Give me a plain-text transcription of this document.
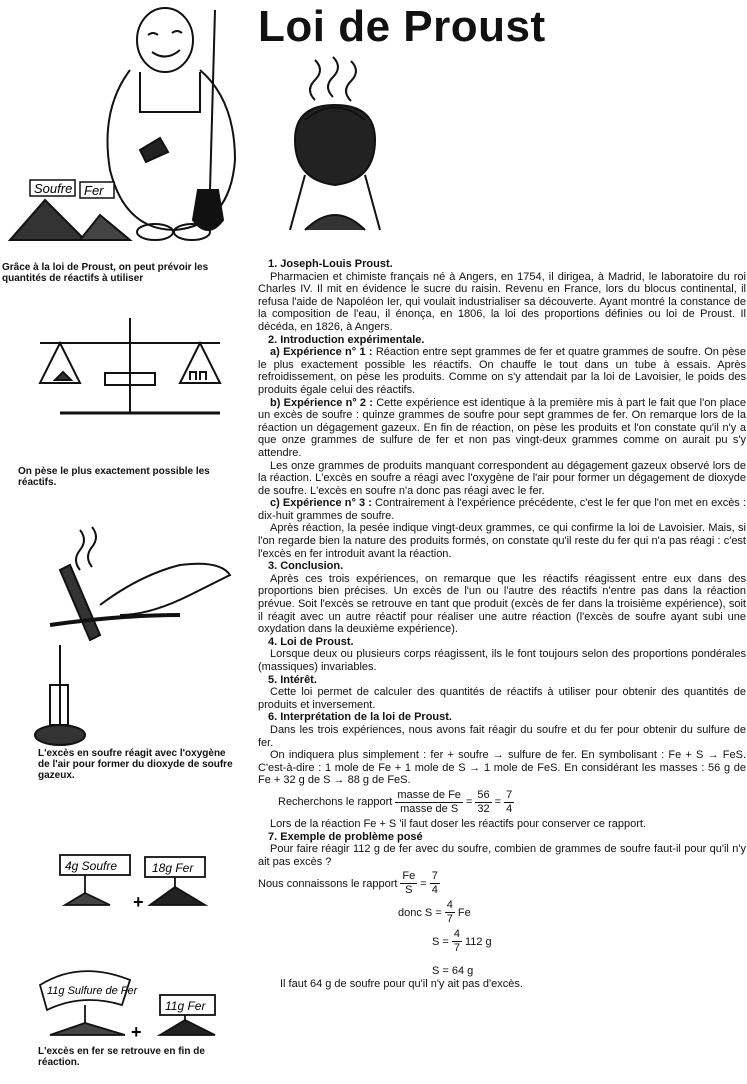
Loi de Proust
Soufre Fer
Grâce à la loi de Proust, on peut prévoir les quantités de réactifs à utiliser
On pèse le plus exactement possible les réactifs.
L'excès en soufre réagit avec l'oxygène de l'air pour former du dioxyde de soufre gazeux.
4g Soufre	18g Fer
+
11g Sulfure de Fer
11g Fer
+
L'excès en fer se retrouve en fin de réaction.
1. Joseph-Louis Proust.

Pharmacien et chimiste français né à Angers, en 1754, il dirigea, à Madrid, le laboratoire du roi Charles IV. Il mit en évidence le sucre du raisin. Revenu en France, lors du blocus continental, il refusa l'aide de Napoléon Ier, qui voulait industrialiser sa découverte. Ayant montré la constance de la composition de l'eau, il énonça, en 1806, la loi des proportions définies ou loi de Proust. Il décéda, en 1826, à Angers.

2. Introduction expérimentale.

a) Expérience n° 1 : Réaction entre sept grammes de fer et quatre grammes de soufre. On pèse le plus exactement possible les réactifs. On chauffe le tout dans un tube à essais. Après refroidissement, on pèse les produits. Comme on s'y attendait par la loi de Lavoisier, le poids des produits égale celui des réactifs.

b) Expérience n° 2 : Cette expérience est identique à la première mis à part le fait que l'on place un excès de soufre : quinze grammes de soufre pour sept grammes de fer. On remarque lors de la réaction un dégagement gazeux. En fin de réaction, on pèse les produits et l'on constate qu'il n'y a que onze grammes de sulfure de fer et non pas vingt-deux grammes comme on aurait pu s'y attendre.

Les onze grammes de produits manquant correspondent au dégagement gazeux observé lors de la réaction. L'excès en soufre a réagi avec l'oxygène de l'air pour former un dégagement de dioxyde de soufre. L'excès en soufre n'a donc pas réagi avec le fer.

c) Expérience n° 3 : Contrairement à l'expérience précédente, c'est le fer que l'on met en excès : dix-huit grammes de soufre.

Après réaction, la pesée indique vingt-deux grammes, ce qui confirme la loi de Lavoisier. Mais, si l'on regarde bien la nature des produits formés, on constate qu'il reste du fer qui n'a pas réagi : c'est l'excès en fer introduit avant la réaction.

3. Conclusion.

Après ces trois expériences, on remarque que les réactifs réagissent entre eux dans des proportions bien précises. Un excès de l'un ou l'autre des réactifs n'entre pas dans la réaction prévue. Soit l'excès se retrouve en tant que produit (excès de fer dans la troisième expérience), soit il réagit avec un autre réactif pour réaliser une autre réaction (l'excès de soufre ayant subi une oxydation dans la deuxième expérience).

4. Loi de Proust.

Lorsque deux ou plusieurs corps réagissent, ils le font toujours selon des proportions pondérales (massiques) invariables.

5. Intérêt.

Cette loi permet de calculer des quantités de réactifs à utiliser pour obtenir des quantités de produits et inversement.

6. Interprétation de la loi de Proust.

Dans les trois expériences, nous avons fait réagir du soufre et du fer pour obtenir du sulfure de fer.

On indiquera plus simplement : fer + soufre → sulfure de fer. En symbolisant : Fe + S → FeS. C'est-à-dire : 1 mole de Fe + 1 mole de S → 1 mole de FeS. En considérant les masses : 56 g de Fe + 32 g de S → 88 g de FeS.

Recherchons le rapport $\frac{\text{masse de Fe}}{\text{masse de S}} = \frac{56}{32} = \frac{7}{4}$

Lors de la réaction Fe + S 'il faut doser les réactifs pour conserver ce rapport.

7. Exemple de problème posé

Pour faire réagir 112 g de fer avec du soufre, combien de grammes de soufre faut-il pour qu'il n'y ait pas excès ?

Nous connaissons le rapport $\frac{Fe}{S} = \frac{7}{4}$
donc
$S = \frac{4}{7}$ Fe
$S = \frac{4}{7} 112$ g
S = 64 g
Il faut 64 g de soufre pour qu'il n'y ait pas d'excès.
